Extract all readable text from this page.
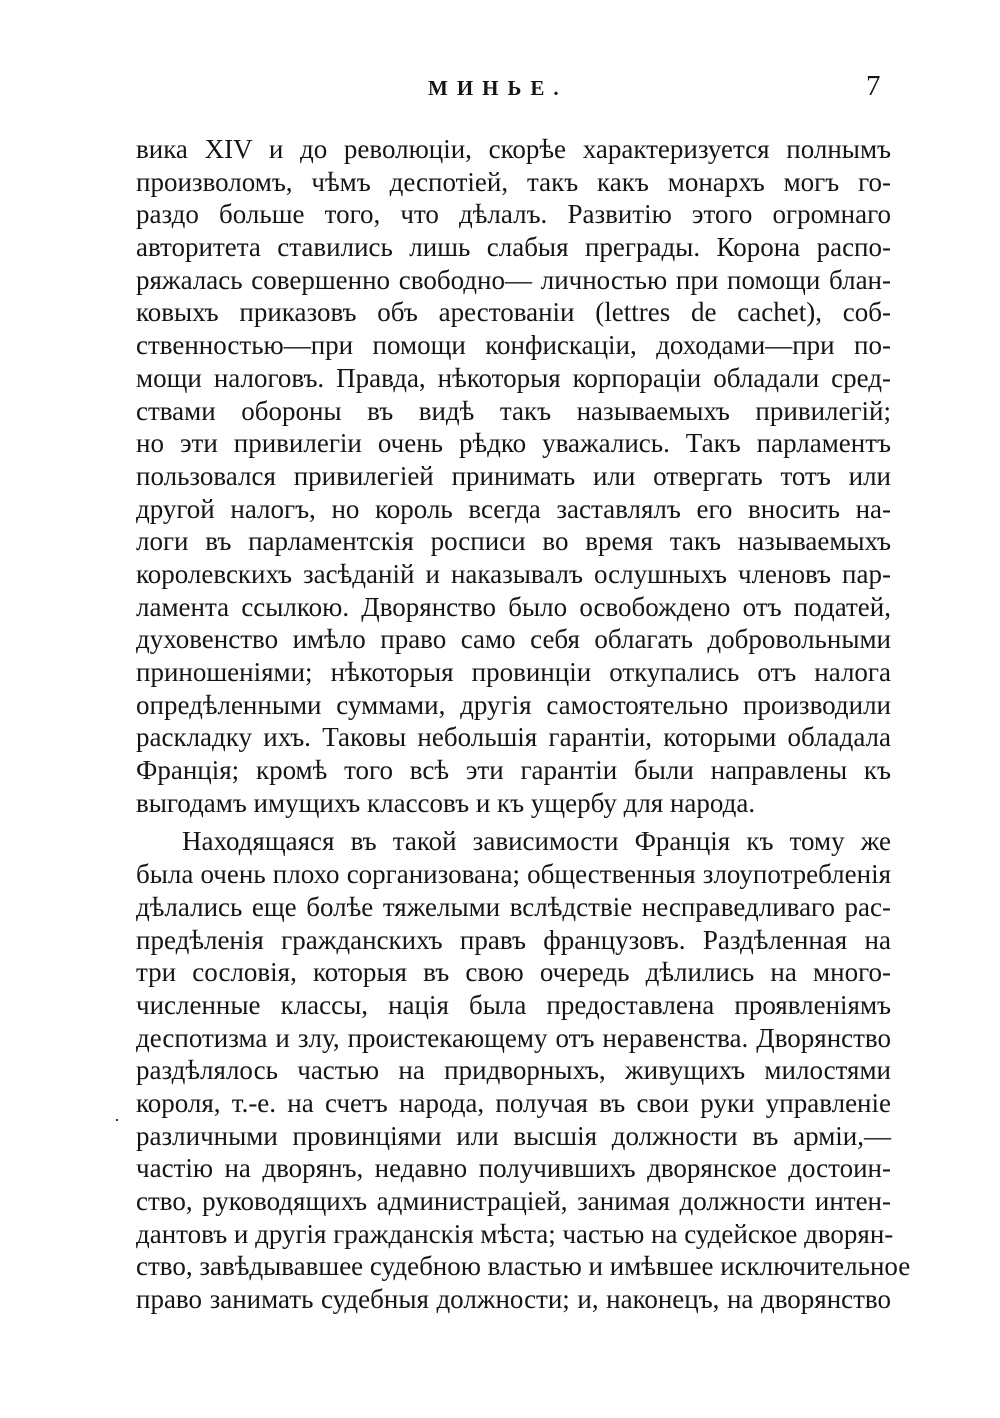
МИНЬЕ.	7
·
вика XIV и до революціи, скорѣе характеризуется полнымъ
произволомъ, чѣмъ деспотіей, такъ какъ монархъ могъ го-
раздо больше того, что дѣлалъ. Развитію этого огромнаго
авторитета ставились лишь слабыя преграды. Корона распо-
ряжалась совершенно свободно— личностью при помощи блан-
ковыхъ приказовъ объ арестованіи (lettres de cachet), соб-
ственностью—при помощи конфискаціи, доходами—при по-
мощи налоговъ. Правда, нѣкоторыя корпораціи обладали сред-
ствами обороны въ видѣ такъ называемыхъ привилегій;
но эти привилегіи очень рѣдко уважались. Такъ парламентъ
пользовался привилегіей принимать или отвергать тотъ или
другой налогъ, но король всегда заставлялъ его вносить на-
логи въ парламентскія росписи во время такъ называемыхъ
королевскихъ засѣданій и наказывалъ ослушныхъ членовъ пар-
ламента ссылкою. Дворянство было освобождено отъ податей,
духовенство имѣло право само себя облагать добровольными
приношеніями; нѣкоторыя провинціи откупались отъ налога
опредѣленными суммами, другія самостоятельно производили
раскладку ихъ. Таковы небольшія гарантіи, которыми обладала
Франція; кромѣ того всѣ эти гарантіи были направлены къ
выгодамъ имущихъ классовъ и къ ущербу для народа.
Находящаяся въ такой зависимости Франція къ тому же
была очень плохо сорганизована; общественныя злоупотребленія
дѣлались еще болѣе тяжелыми вслѣдствіе несправедливаго рас-
предѣленія гражданскихъ правъ французовъ. Раздѣленная на
три сословія, которыя въ свою очередь дѣлились на много-
численные классы, нація была предоставлена проявленіямъ
деспотизма и злу, проистекающему отъ неравенства. Дворянство
раздѣлялось частью на придворныхъ, живущихъ милостями
короля, т.-е. на счетъ народа, получая въ свои руки управленіе
различными провинціями или высшія должности въ арміи,—
частію на дворянъ, недавно получившихъ дворянское достоин-
ство, руководящихъ администраціей, занимая должности интен-
дантовъ и другія гражданскія мѣста; частью на судейское дворян-
ство, завѣдывавшее судебною властью и имѣвшее исключительное
право занимать судебныя должности; и, наконецъ, на дворянство
